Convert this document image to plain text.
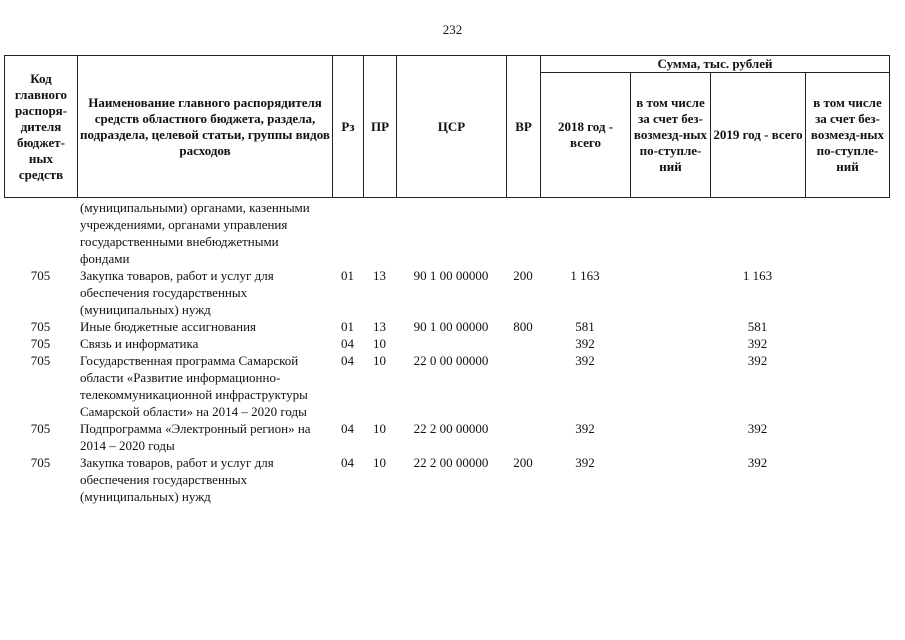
232
Код главного распоря-дителя бюджет-ных средств	Наименование главного распорядителя средств областного бюджета, раздела, подраздела, целевой статьи, группы видов расходов	Рз	ПР	ЦСР	ВР	Сумма, тыс. рублей			
						2018 год - всего	в том числе за счет без-возмезд-ных по-ступле-ний	2019 год - всего	в том числе за счет без-возмезд-ных по-ступле-ний
	(муниципальными) органами, казенными учреждениями, органами управления государственными внебюджетными фондами								
705	Закупка товаров, работ и услуг для обеспечения государственных (муниципальных) нужд	01	13	90 1 00 00000	200	1 163		1 163	
705	Иные бюджетные ассигнования	01	13	90 1 00 00000	800	581		581	
705	Связь и информатика	04	10			392		392	
705	Государственная программа Самарской области «Развитие информационно-телекоммуникационной инфраструктуры Самарской области» на 2014 – 2020 годы	04	10	22 0 00 00000		392		392	
705	Подпрограмма «Электронный регион» на 2014 – 2020 годы	04	10	22 2 00 00000		392		392	
705	Закупка товаров, работ и услуг для обеспечения государственных (муниципальных) нужд	04	10	22 2 00 00000	200	392		392	
